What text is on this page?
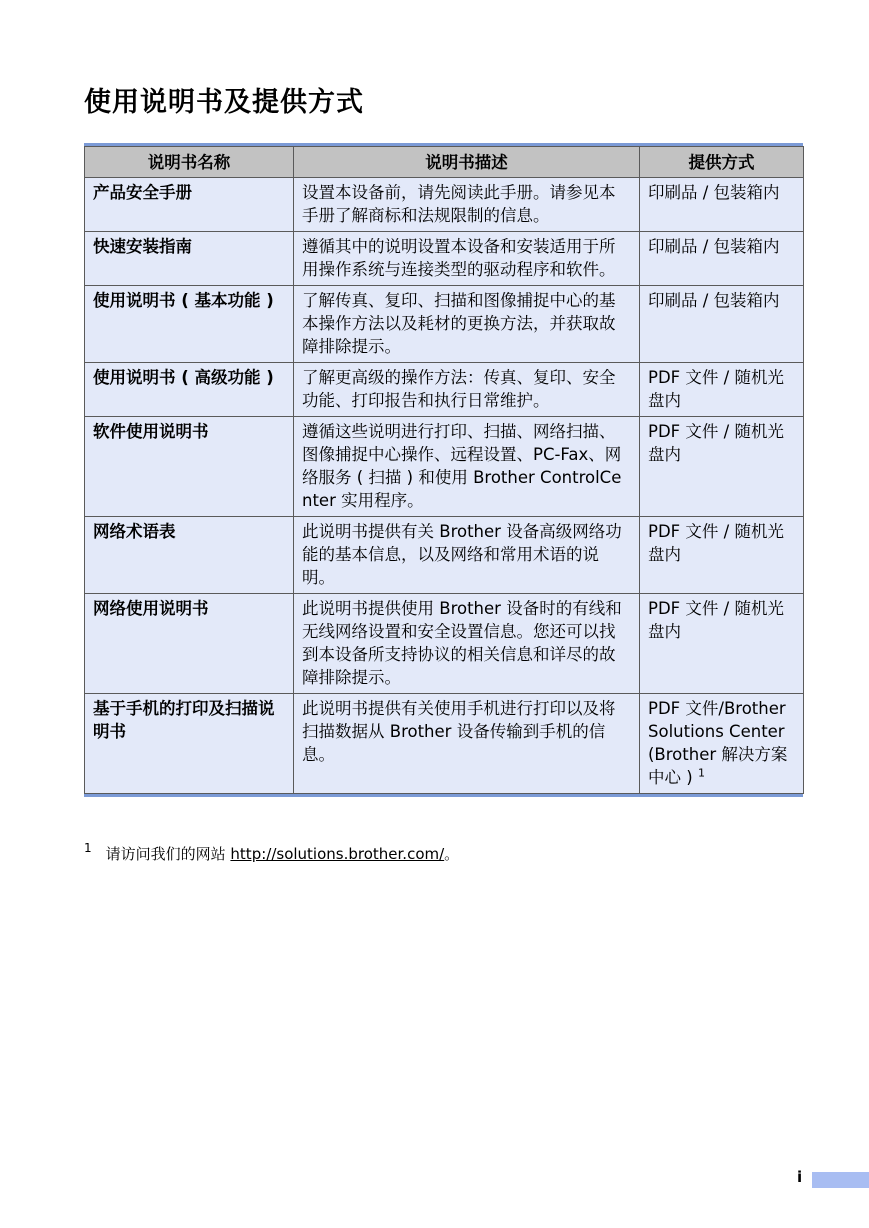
使用说明书及提供方式
说明书名称	说明书描述	提供方式
产品安全手册	设置本设备前，请先阅读此手册。请参见本手册了解商标和法规限制的信息。	印刷品 / 包装箱内
快速安装指南	遵循其中的说明设置本设备和安装适用于所用操作系统与连接类型的驱动程序和软件。	印刷品 / 包装箱内
使用说明书 ( 基本功能 )	了解传真、复印、扫描和图像捕捉中心的基本操作方法以及耗材的更换方法，并获取故障排除提示。	印刷品 / 包装箱内
使用说明书 ( 高级功能 )	了解更高级的操作方法：传真、复印、安全功能、打印报告和执行日常维护。	PDF 文件 / 随机光盘内
软件使用说明书	遵循这些说明进行打印、扫描、网络扫描、图像捕捉中心操作、远程设置、PC-Fax、网络服务 ( 扫描 ) 和使用 Brother ControlCenter 实用程序。	PDF 文件 / 随机光盘内
网络术语表	此说明书提供有关 Brother 设备高级网络功能的基本信息，以及网络和常用术语的说明。	PDF 文件 / 随机光盘内
网络使用说明书	此说明书提供使用 Brother 设备时的有线和无线网络设置和安全设置信息。您还可以找到本设备所支持协议的相关信息和详尽的故障排除提示。	PDF 文件 / 随机光盘内
基于手机的打印及扫描说明书	此说明书提供有关使用手机进行打印以及将扫描数据从 Brother 设备传输到手机的信息。	PDF 文件/Brother Solutions Center (Brother 解决方案中心 ) $^1$
$^1$ 请访问我们的网站 http://solutions.brother.com/。
i
